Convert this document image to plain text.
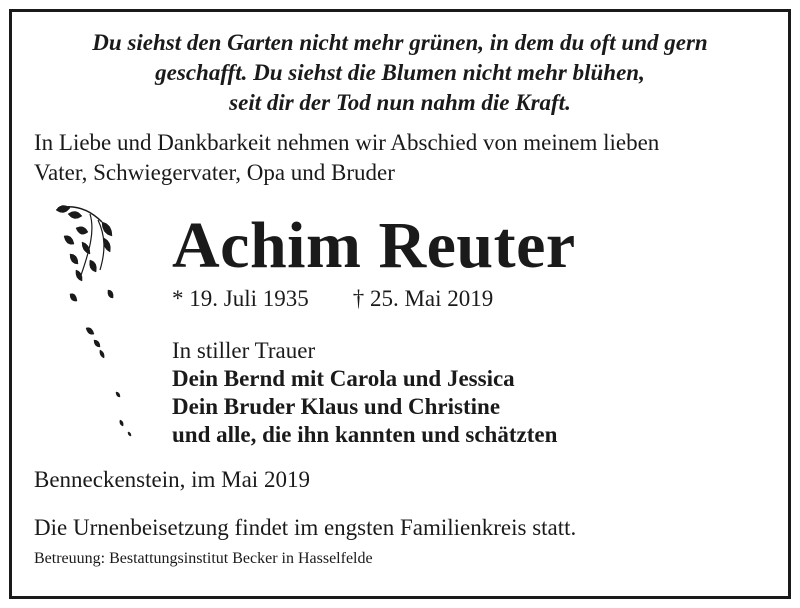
Du siehst den Garten nicht mehr grünen, in dem du oft und gern
geschafft. Du siehst die Blumen nicht mehr blühen,
seit dir der Tod nun nahm die Kraft.
In Liebe und Dankbarkeit nehmen wir Abschied von meinem lieben
Vater, Schwiegervater, Opa und Bruder
Achim Reuter
* 19. Juli 1935 † 25. Mai 2019
In stiller Trauer
Dein Bernd mit Carola und Jessica
Dein Bruder Klaus und Christine
und alle, die ihn kannten und schätzten
Benneckenstein, im Mai 2019
Die Urnenbeisetzung findet im engsten Familienkreis statt.
Betreuung: Bestattungsinstitut Becker in Hasselfelde
